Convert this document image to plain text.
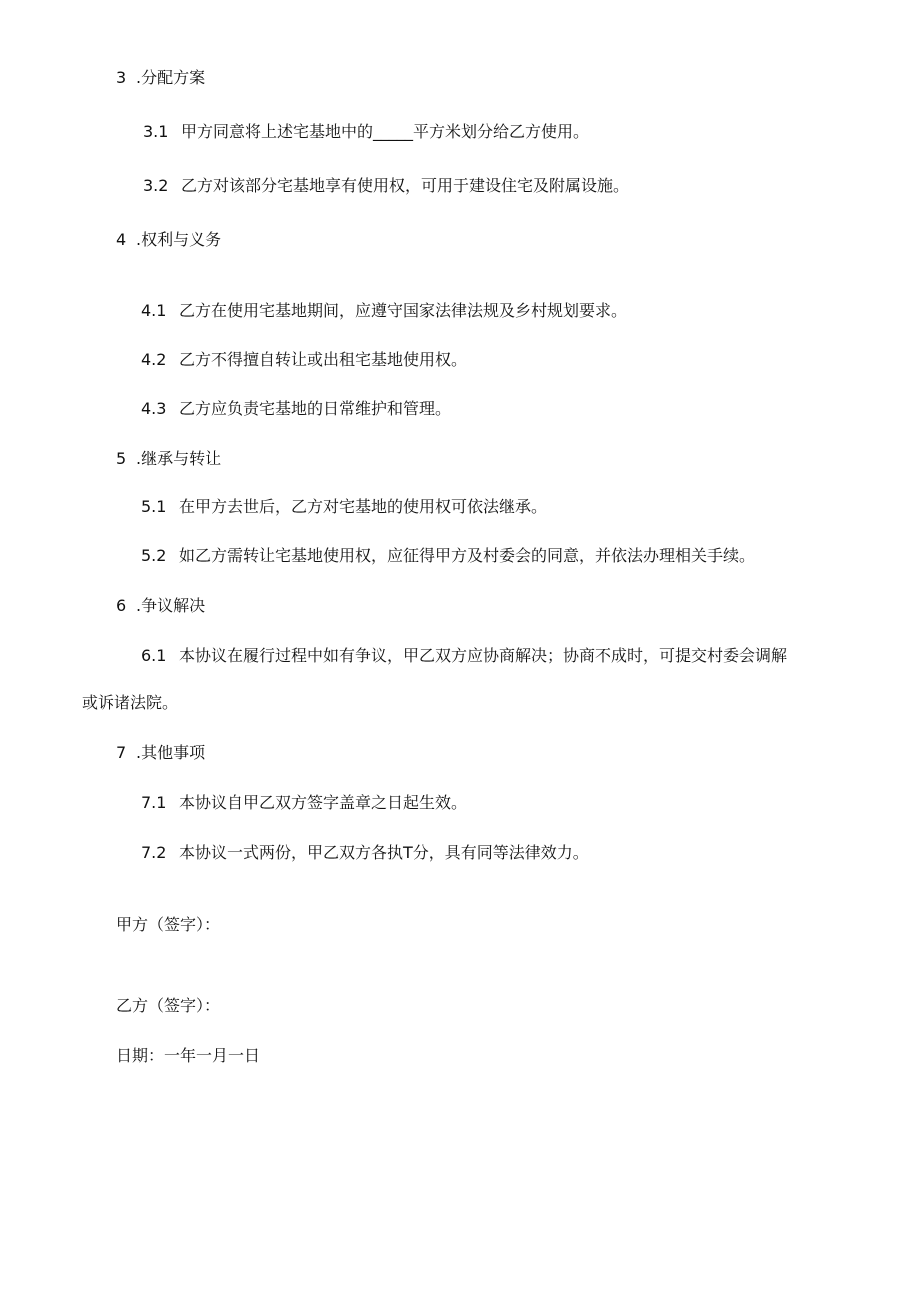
3 .分配方案
3.1 甲方同意将上述宅基地中的_____平方米划分给乙方使用。
3.2 乙方对该部分宅基地享有使用权，可用于建设住宅及附属设施。
4 .权利与义务
4.1 乙方在使用宅基地期间，应遵守国家法律法规及乡村规划要求。
4.2 乙方不得擅自转让或出租宅基地使用权。
4.3 乙方应负责宅基地的日常维护和管理。
5 .继承与转让
5.1 在甲方去世后，乙方对宅基地的使用权可依法继承。
5.2 如乙方需转让宅基地使用权，应征得甲方及村委会的同意，并依法办理相关手续。
6 .争议解决
6.1 本协议在履行过程中如有争议，甲乙双方应协商解决；协商不成时，可提交村委会调解
或诉诸法院。
7 .其他事项
7.1 本协议自甲乙双方签字盖章之日起生效。
7.2 本协议一式两份，甲乙双方各执T分，具有同等法律效力。
甲方（签字）：
乙方（签字）：
日期：一年一月一日
